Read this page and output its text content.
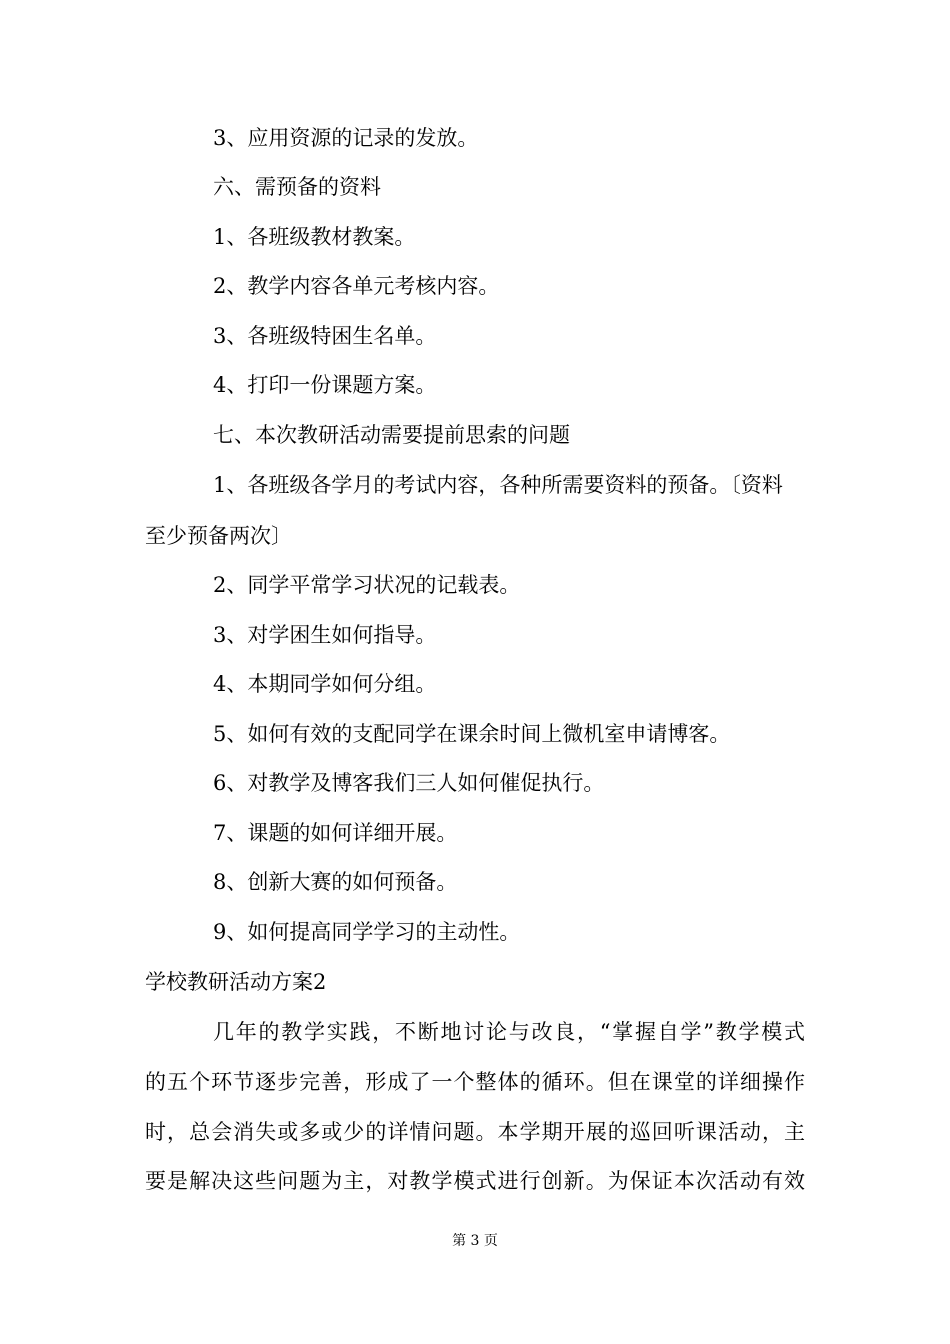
3、应用资源的记录的发放。
六、需预备的资料
1、各班级教材教案。
2、教学内容各单元考核内容。
3、各班级特困生名单。
4、打印一份课题方案。
七、本次教研活动需要提前思索的问题
1、各班级各学月的考试内容，各种所需要资料的预备。〔资料
至少预备两次〕
2、同学平常学习状况的记载表。
3、对学困生如何指导。
4、本期同学如何分组。
5、如何有效的支配同学在课余时间上微机室申请博客。
6、对教学及博客我们三人如何催促执行。
7、课题的如何详细开展。
8、创新大赛的如何预备。
9、如何提高同学学习的主动性。
学校教研活动方案2
几年的教学实践，不断地讨论与改良，“掌握自学”教学模式
的五个环节逐步完善，形成了一个整体的循环。但在课堂的详细操作
时，总会消失或多或少的详情问题。本学期开展的巡回听课活动，主
要是解决这些问题为主，对教学模式进行创新。为保证本次活动有效
第 3 页
